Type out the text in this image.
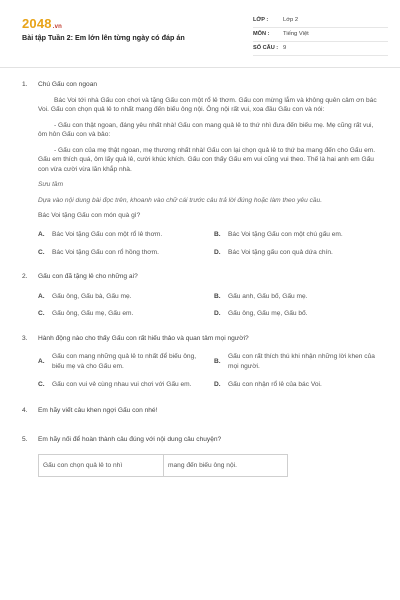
2048.vn
Bài tập Tuần 2: Em lớn lên từng ngày có đáp án
LỚP :	Lớp 2
MÔN :	Tiếng Việt
SỐ CÂU : 9
1.	Chú Gấu con ngoan

Bác Voi tới nhà Gấu con chơi và tặng Gấu con một rổ lê thơm. Gấu con mừng lắm và không quên cảm ơn bác Voi. Gấu con chọn quả lê to nhất mang đến biếu ông nội. Ông nội rất vui, xoa đầu Gấu con và nói:

- Gấu con thật ngoan, đáng yêu nhất nhà! Gấu con mang quả lê to thứ nhì đưa đến biếu mẹ. Mẹ cũng rất vui, ôm hôn Gấu con và bảo:

- Gấu con của mẹ thật ngoan, mẹ thương nhất nhà! Gấu con lại chọn quả lê to thứ ba mang đến cho Gấu em. Gấu em thích quá, ôm lấy quả lê, cười khúc khích. Gấu con thấy Gấu em vui cũng vui theo. Thế là hai anh em Gấu con vừa cười vừa lăn khắp nhà.

Sưu tầm

Dựa vào nội dung bài đọc trên, khoanh vào chữ cái trước câu trả lời đúng hoặc làm theo yêu cầu.

Bác Voi tặng Gấu con món quà gì?

A.	Bác Voi tặng Gấu con một rổ lê thơm.	B.	Bác Voi tặng Gấu con một chú gấu em.
C.	Bác Voi tặng Gấu con rổ hồng thơm.	D.	Bác Voi tặng gấu con quả dứa chín.
2.	Gấu con đã tặng lê cho những ai?
A.	Gấu ông, Gấu bà, Gấu mẹ.	B.	Gấu anh, Gấu bố, Gấu mẹ.
C.	Gấu ông, Gấu mẹ, Gấu em.	D.	Gấu ông, Gấu mẹ, Gấu bố.
3.	Hành động nào cho thấy Gấu con rất hiếu thảo và quan tâm mọi người?
A.
Gấu con mang những quả lê to nhất để biếu ông, biếu mẹ và cho Gấu em.
B.
Gấu con rất thích thú khi nhận những lời khen của mọi người.
C.	Gấu con vui vẻ cùng nhau vui chơi với Gấu em.	D.	Gấu con nhận rổ lê của bác Voi.
4.	Em hãy viết câu khen ngợi Gấu con nhé!
5.	Em hãy nối để hoàn thành câu đúng với nội dung câu chuyện?
Gấu con chọn quả lê to nhì	mang đến biếu ông nội.
